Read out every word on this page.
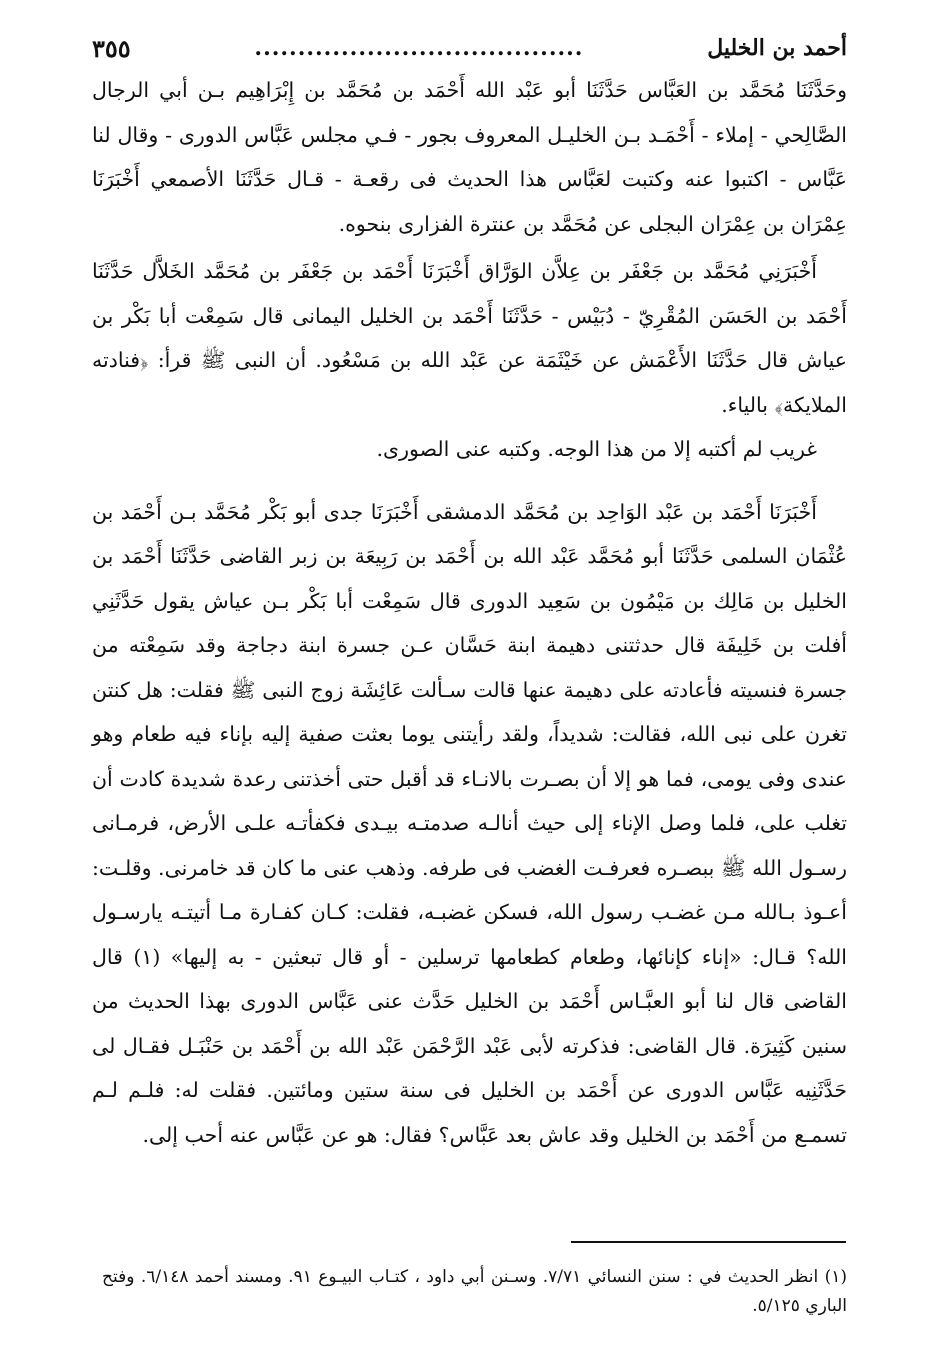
أحمد بن الخليل
......................................
٣٥٥

وحَدَّثَنَا مُحَمَّد بن العَبَّاس حَدَّثَنَا أبو عَبْد الله أَحْمَد بن مُحَمَّد بن إِبْرَاهِيم بـن أبي الرجال الصَّالِحي - إملاء - أَحْمَـد بـن الخليـل المعروف بجور - فـي مجلس عَبَّاس الدورى - وقال لنا عَبَّاس - اكتبوا عنه وكتبت لعَبَّاس هذا الحديث فى رقعـة - قـال حَدَّثَنَا الأصمعي أَخْبَرَنَا عِمْرَان بن عِمْرَان البجلى عن مُحَمَّد بن عنترة الفزارى بنحوه.

أَخْبَرَنِي مُحَمَّد بن جَعْفَر بن عِلاَّن الوَرَّاق أَخْبَرَنَا أَحْمَد بن جَعْفَر بن مُحَمَّد الخَلاَّل حَدَّثَنَا أَحْمَد بن الحَسَن المُقْرِيّ - دُبَيْس - حَدَّثَنَا أَحْمَد بن الخليل اليمانى قال سَمِعْت أبا بَكْر بن عياش قال حَدَّثَنَا الأَعْمَش عن خَيْثَمَة عن عَبْد الله بن مَسْعُود. أن النبى ﷺ قرأ: ﴿فنادته الملايكة﴾ بالياء.

غريب لم أكتبه إلا من هذا الوجه. وكتبه عنى الصورى.

أَخْبَرَنَا أَحْمَد بن عَبْد الوَاحِد بن مُحَمَّد الدمشقى أَخْبَرَنَا جدى أبو بَكْر مُحَمَّد بـن أَحْمَد بن عُثْمَان السلمى حَدَّثَنَا أبو مُحَمَّد عَبْد الله بن أَحْمَد بن رَبِيعَة بن زبر القاضى حَدَّثَنَا أَحْمَد بن الخليل بن مَالِك بن مَيْمُون بن سَعِيد الدورى قال سَمِعْت أبا بَكْر بـن عياش يقول حَدَّثَنِي أفلت بن خَلِيفَة قال حدثتنى دهيمة ابنة حَسَّان عـن جسرة ابنة دجاجة وقد سَمِعْته من جسرة فنسيته فأعادته على دهيمة عنها قالت سـألت عَائِشَة زوج النبى ﷺ فقلت: هل كنتن تغرن على نبى الله، فقالت: شديداً، ولقد رأيتنى يوما بعثت صفية إليه بإناء فيه طعام وهو عندى وفى يومى، فما هو إلا أن بصـرت بالانـاء قد أقبل حتى أخذتنى رعدة شديدة كادت أن تغلب على، فلما وصل الإناء إلى حيث أنالـه صدمتـه بيـدى فكفأتـه علـى الأرض، فرمـانى رسـول الله ﷺ ببصـره فعرفـت الغضب فى طرفه. وذهب عنى ما كان قد خامرنى. وقلـت: أعـوذ بـالله مـن غضـب رسول الله، فسكن غضبـه، فقلت: كـان كفـارة مـا أتيتـه يارسـول الله؟ قـال: «إناء كإنائها، وطعام كطعامها ترسلين - أو قال تبعثين - به إليها» (١) قال القاضى قال لنا أبو العبَّـاس أَحْمَد بن الخليل حَدَّث عنى عَبَّاس الدورى بهذا الحديث من سنين كَثِيرَة. قال القاضى: فذكرته لأبى عَبْد الرَّحْمَن عَبْد الله بن أَحْمَد بن حَنْبَـل فقـال لى حَدَّثَنِيه عَبَّاس الدورى عن أَحْمَد بن الخليل فى سنة ستين ومائتين. فقلت له: فلـم لـم تسمـع من أَحْمَد بن الخليل وقد عاش بعد عَبَّاس؟ فقال: هو عن عَبَّاس عنه أحب إلى.

(١) انظر الحديث في : سنن النسائي ٧/٧١. وسـنن أبي داود ، كتـاب البيـوع ٩١. ومسند أحمد ٦/١٤٨. وفتح الباري ٥/١٢٥.
